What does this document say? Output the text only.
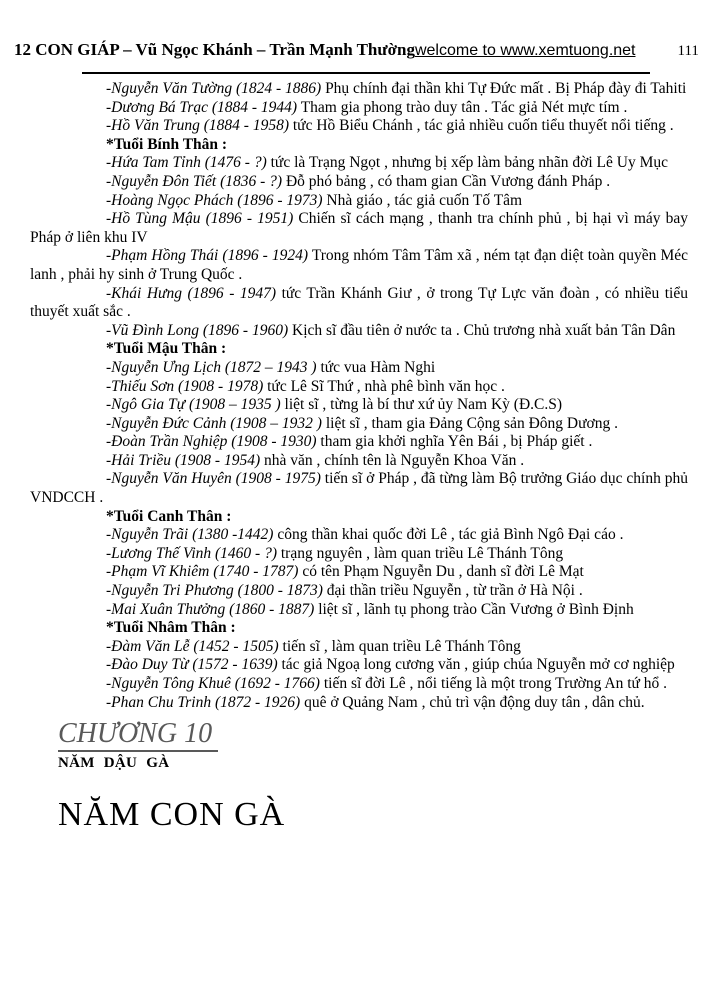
12 CON GIÁP – Vũ Ngọc Khánh – Trần Mạnh Thường welcome to www.xemtuong.net	111

-Nguyễn Văn Tường (1824 - 1886) Phụ chính đại thần khi Tự Đức mất . Bị Pháp đày đi Tahiti

-Dương Bá Trạc (1884 - 1944) Tham gia phong trào duy tân . Tác giả Nét mực tím .

-Hồ Văn Trung (1884 - 1958) tức Hồ Biểu Chánh , tác giả nhiều cuốn tiểu thuyết nổi tiếng .

*Tuổi Bính Thân :

-Hứa Tam Tỉnh (1476 - ?) tức là Trạng Ngọt , nhưng bị xếp làm bảng nhãn đời Lê Uy Mục

-Nguyễn Đôn Tiết (1836 - ?) Đỗ phó bảng , có tham gian Cần Vương đánh Pháp .

-Hoàng Ngọc Phách (1896 - 1973) Nhà giáo , tác giả cuốn Tố Tâm

-Hồ Tùng Mậu (1896 - 1951) Chiến sĩ cách mạng , thanh tra chính phủ , bị hại vì máy bay Pháp ở liên khu IV

-Phạm Hồng Thái (1896 - 1924) Trong nhóm Tâm Tâm xã , ném tạt đạn diệt toàn quyền Méc lanh , phải hy sinh ở Trung Quốc .

-Khái Hưng (1896 - 1947) tức Trần Khánh Giư , ở trong Tự Lực văn đoàn , có nhiều tiểu thuyết xuất sắc .

-Vũ Đình Long (1896 - 1960) Kịch sĩ đầu tiên ở nước ta . Chủ trương nhà xuất bản Tân Dân

*Tuổi Mậu Thân :

-Nguyễn Ưng Lịch (1872 – 1943 ) tức vua Hàm Nghi

-Thiếu Sơn (1908 - 1978) tức Lê Sĩ Thứ , nhà phê bình văn học .

-Ngô Gia Tự (1908 – 1935 ) liệt sĩ , từng là bí thư xứ ủy Nam Kỳ (Đ.C.S)

-Nguyễn Đức Cảnh (1908 – 1932 ) liệt sĩ , tham gia Đảng Cộng sản Đông Dương .

-Đoàn Trần Nghiệp (1908 - 1930) tham gia khởi nghĩa Yên Bái , bị Pháp giết .

-Hải Triều (1908 - 1954) nhà văn , chính tên là Nguyễn Khoa Văn .

-Nguyễn Văn Huyên (1908 - 1975) tiến sĩ ở Pháp , đã từng làm Bộ trưởng Giáo dục chính phủ VNDCCH .

*Tuổi Canh Thân :

-Nguyễn Trãi (1380 -1442) công thần khai quốc đời Lê , tác giả Bình Ngô Đại cáo .

-Lương Thế Vinh (1460 - ?) trạng nguyên , làm quan triều Lê Thánh Tông

-Phạm Vĩ Khiêm (1740 - 1787) có tên Phạm Nguyễn Du , danh sĩ đời Lê Mạt

-Nguyễn Tri Phương (1800 - 1873) đại thần triều Nguyễn , từ trần ở Hà Nội .

-Mai Xuân Thưởng (1860 - 1887) liệt sĩ , lãnh tụ phong trào Cần Vương ở Bình Định

*Tuổi Nhâm Thân :

-Đàm Văn Lễ (1452 - 1505) tiến sĩ , làm quan triều Lê Thánh Tông

-Đào Duy Từ (1572 - 1639) tác giả Ngoạ long cương văn , giúp chúa Nguyễn mở cơ nghiệp

-Nguyễn Tông Khuê (1692 - 1766) tiến sĩ đời Lê , nổi tiếng là một trong Trường An tứ hổ .

-Phan Chu Trinh (1872 - 1926) quê ở Quảng Nam , chủ trì vận động duy tân , dân chủ.

CHƯƠNG 10
NĂM DẬU GÀ
NĂM CON GÀ
